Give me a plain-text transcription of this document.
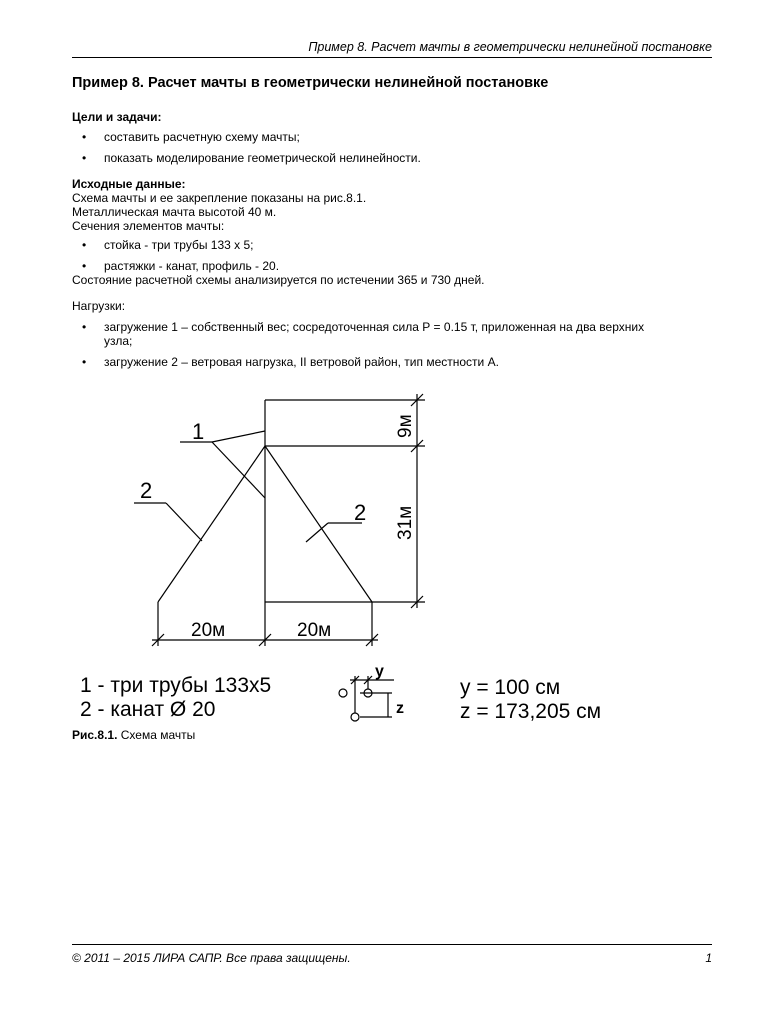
Пример 8. Расчет мачты в геометрически нелинейной постановке
Пример 8. Расчет мачты в геометрически нелинейной постановке
Цели и задачи:
• составить расчетную схему мачты;
• показать моделирование геометрической нелинейности.
Исходные данные:

Схема мачты и ее закрепление показаны на рис.8.1.

Металлическая мачта высотой 40 м.

Сечения элементов мачты:

• стойка - три трубы 133 х 5;
• растяжки - канат, профиль - 20.

Состояние расчетной схемы анализируется по истечении 365 и 730 дней.

Нагрузки:
• загружение 1 – собственный вес; сосредоточенная сила Р = 0.15 т, приложенная на два верхних узла;
• загружение 2 – ветровая нагрузка, II ветровой район, тип местности А.
1
2
2
9м
31м
20м	20м
1 - три трубы 133х5
2 - канат Ø 20
y = 100 см
z = 173,205 см
y
z
Рис.8.1. Схема мачты
© 2011 – 2015 ЛИРА САПР. Все права защищены.	1
